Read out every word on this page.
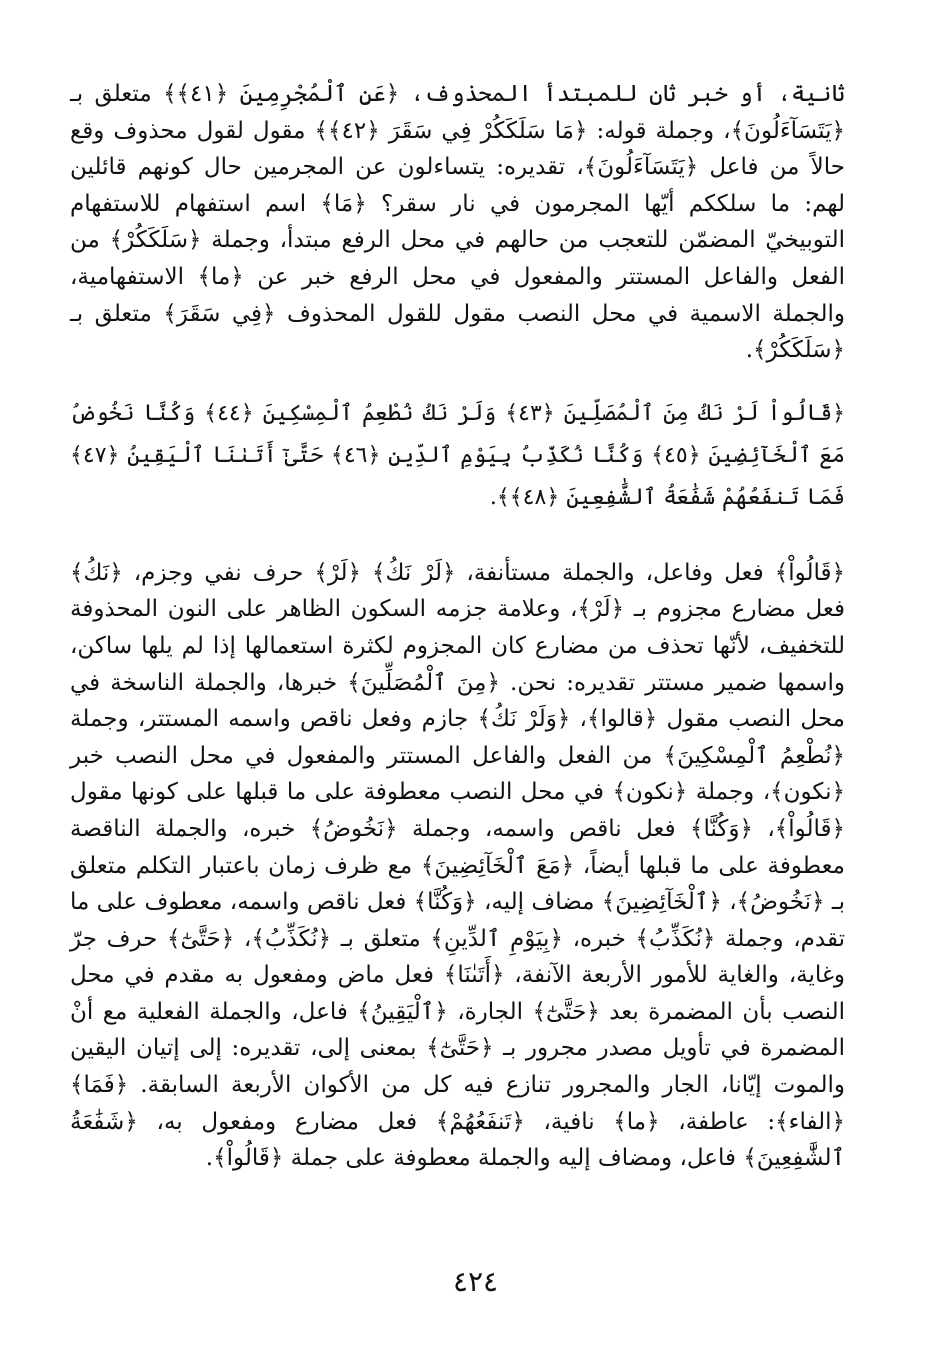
ثانية، أو خبر ثان للمبتدأ المحذوف، ﴿عَنِ ٱلْمُجْرِمِينَ ﴿٤١﴾﴾ متعلق بـ ﴿يَتَسَآءَلُونَ﴾، وجملة قوله: ﴿مَا سَلَكَكُرْ فِي سَقَرَ ﴿٤٢﴾﴾ مقول لقول محذوف وقع حالاً من فاعل ﴿يَتَسَآءَلُونَ﴾، تقديره: يتساءلون عن المجرمين حال كونهم قائلين لهم: ما سلككم أيّها المجرمون في نار سقر؟ ﴿مَا﴾ اسم استفهام للاستفهام التوبيخيّ المضمّن للتعجب من حالهم في محل الرفع مبتدأ، وجملة ﴿سَلَكَكُرْ﴾ من الفعل والفاعل المستتر والمفعول في محل الرفع خبر عن ﴿ما﴾ الاستفهامية، والجملة الاسمية في محل النصب مقول للقول المحذوف ﴿فِي سَقَرَ﴾ متعلق بـ ﴿سَلَكَكُرْ﴾.

﴿قَالُواْ لَرْ نَكُ مِنَ ٱلْمُصَلِّينَ ﴿٤٣﴾ وَلَرْ نَكُ نُطْعِمُ ٱلْمِسْكِينَ ﴿٤٤﴾ وَكُنَّا نَخُوضُ مَعَ ٱلْخَآئِضِينَ ﴿٤٥﴾ وَكُنَّا نُكَذِّبُ بِيَوْمِ ٱلدِّينِ ﴿٤٦﴾ حَتَّىٰٓ أَتَىٰنَا ٱلْيَقِينُ ﴿٤٧﴾ فَمَا تَنفَعُهُمْ شَفَٰعَةُ ٱلشَّٰفِعِينَ ﴿٤٨﴾﴾.

﴿قَالُواْ﴾ فعل وفاعل، والجملة مستأنفة، ﴿لَرْ نَكُ﴾ ﴿لَرْ﴾ حرف نفي وجزم، ﴿نَكُ﴾ فعل مضارع مجزوم بـ ﴿لَرْ﴾، وعلامة جزمه السكون الظاهر على النون المحذوفة للتخفيف، لأنّها تحذف من مضارع كان المجزوم لكثرة استعمالها إذا لم يلها ساكن، واسمها ضمير مستتر تقديره: نحن. ﴿مِنَ ٱلْمُصَلِّينَ﴾ خبرها، والجملة الناسخة في محل النصب مقول ﴿قالوا﴾، ﴿وَلَرْ نَكُ﴾ جازم وفعل ناقص واسمه المستتر، وجملة ﴿نُطْعِمُ ٱلْمِسْكِينَ﴾ من الفعل والفاعل المستتر والمفعول في محل النصب خبر ﴿نكون﴾، وجملة ﴿نكون﴾ في محل النصب معطوفة على ما قبلها على كونها مقول ﴿قَالُواْ﴾، ﴿وَكُنَّا﴾ فعل ناقص واسمه، وجملة ﴿نَخُوضُ﴾ خبره، والجملة الناقصة معطوفة على ما قبلها أيضاً، ﴿مَعَ ٱلْخَآئِضِينَ﴾ مع ظرف زمان باعتبار التكلم متعلق بـ ﴿نَخُوضُ﴾، ﴿ٱلْخَآئِضِينَ﴾ مضاف إليه، ﴿وَكُنَّا﴾ فعل ناقص واسمه، معطوف على ما تقدم، وجملة ﴿نُكَذِّبُ﴾ خبره، ﴿بِيَوْمِ ٱلدِّينِ﴾ متعلق بـ ﴿نُكَذِّبُ﴾، ﴿حَتَّىٰٓ﴾ حرف جرّ وغاية، والغاية للأمور الأربعة الآنفة، ﴿أَتَىٰنَا﴾ فعل ماض ومفعول به مقدم في محل النصب بأن المضمرة بعد ﴿حَتَّىٰٓ﴾ الجارة، ﴿ٱلْيَقِينُ﴾ فاعل، والجملة الفعلية مع أنْ المضمرة في تأويل مصدر مجرور بـ ﴿حَتَّىٰٓ﴾ بمعنى إلى، تقديره: إلى إتيان اليقين والموت إيّانا، الجار والمجرور تنازع فيه كل من الأكوان الأربعة السابقة. ﴿فَمَا﴾ ﴿الفاء﴾: عاطفة، ﴿ما﴾ نافية، ﴿تَنفَعُهُمْ﴾ فعل مضارع ومفعول به، ﴿شَفَٰعَةُ ٱلشَّٰفِعِينَ﴾ فاعل، ومضاف إليه والجملة معطوفة على جملة ﴿قَالُواْ﴾.

٤٢٤
